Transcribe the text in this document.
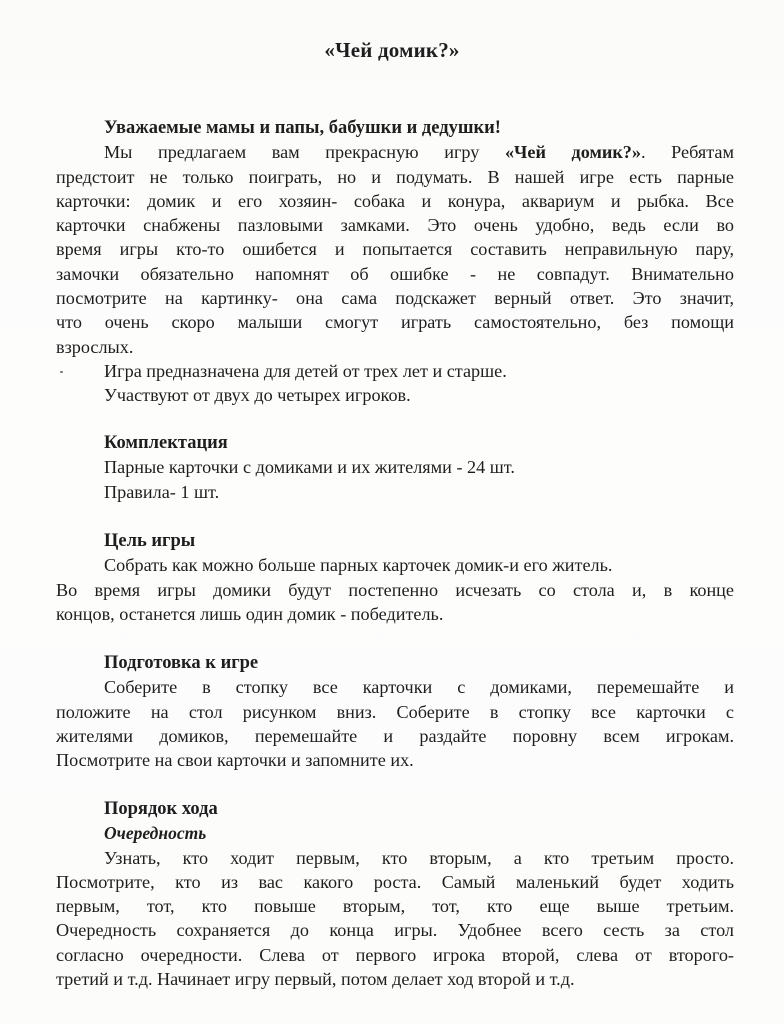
«Чей домик?»
Уважаемые мамы и папы, бабушки и дедушки!
Мы предлагаем вам прекрасную игру «Чей домик?». Ребятам
предстоит не только поиграть, но и подумать. В нашей игре есть парные
карточки: домик и его хозяин- собака и конура, аквариум и рыбка. Все
карточки снабжены пазловыми замками. Это очень удобно, ведь если во
время игры кто-то ошибется и попытается составить неправильную пару,
замочки обязательно напомнят об ошибке - не совпадут. Внимательно
посмотрите на картинку- она сама подскажет верный ответ. Это значит,
что очень скоро малыши смогут играть самостоятельно, без помощи
взрослых.
Игра предназначена для детей от трех лет и старше.
Участвуют от двух до четырех игроков.
Комплектация
Парные карточки с домиками и их жителями - 24 шт.
Правила- 1 шт.
Цель игры
Собрать как можно больше парных карточек домик-и его житель.
Во время игры домики будут постепенно исчезать со стола и, в конце
концов, останется лишь один домик - победитель.
Подготовка к игре
Соберите в стопку все карточки с домиками, перемешайте и
положите на стол рисунком вниз. Соберите в стопку все карточки с
жителями домиков, перемешайте и раздайте поровну всем игрокам.
Посмотрите на свои карточки и запомните их.
Порядок хода
Очередность
Узнать, кто ходит первым, кто вторым, а кто третьим просто.
Посмотрите, кто из вас какого роста. Самый маленький будет ходить
первым, тот, кто повыше вторым, тот, кто еще выше третьим.
Очередность сохраняется до конца игры. Удобнее всего сесть за стол
согласно очередности. Слева от первого игрока второй, слева от второго-
третий и т.д. Начинает игру первый, потом делает ход второй и т.д.
